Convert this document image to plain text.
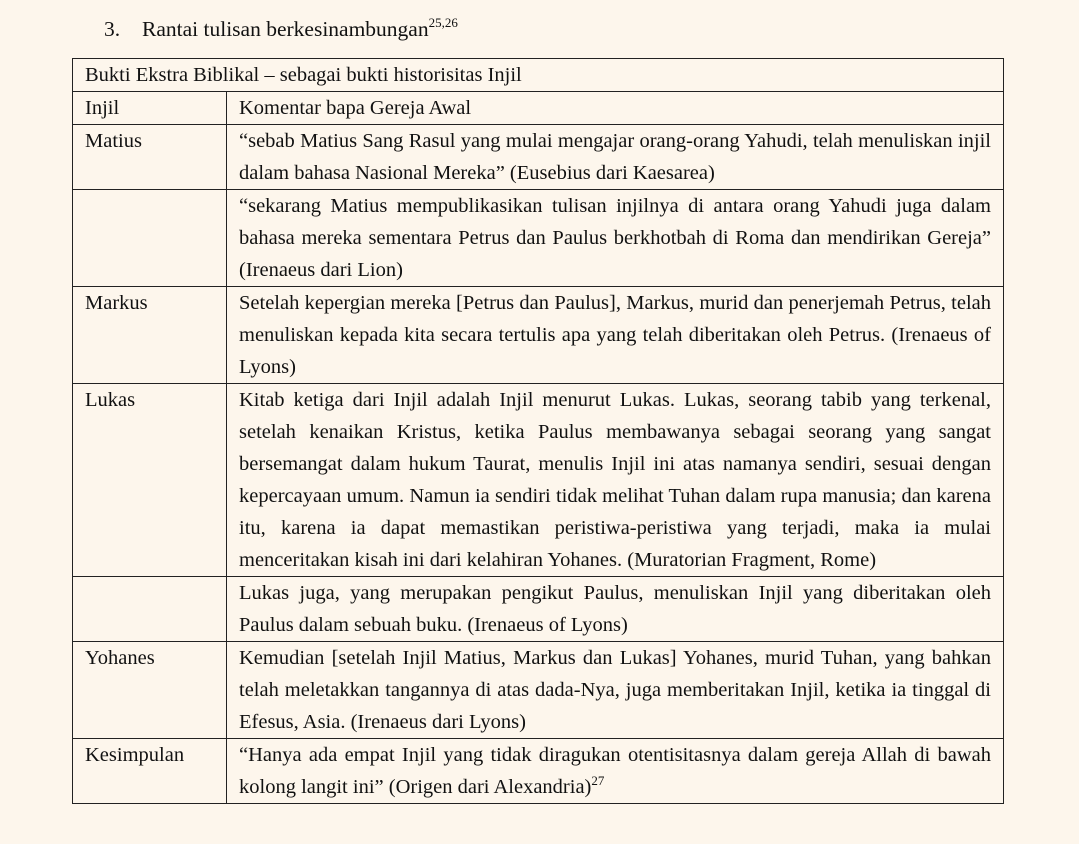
3. Rantai tulisan berkesinambungan$^{25,26}$
Bukti Ekstra Biblikal – sebagai bukti historisitas Injil	
Injil	Komentar bapa Gereja Awal
Matius	“sebab Matius Sang Rasul yang mulai mengajar orang-orang Yahudi, telah menuliskan injil dalam bahasa Nasional Mereka” (Eusebius dari Kaesarea)
	“sekarang Matius mempublikasikan tulisan injilnya di antara orang Yahudi juga dalam bahasa mereka sementara Petrus dan Paulus berkhotbah di Roma dan mendirikan Gereja” (Irenaeus dari Lion)
Markus	Setelah kepergian mereka [Petrus dan Paulus], Markus, murid dan penerjemah Petrus, telah menuliskan kepada kita secara tertulis apa yang telah diberitakan oleh Petrus. (Irenaeus of Lyons)
Lukas	Kitab ketiga dari Injil adalah Injil menurut Lukas. Lukas, seorang tabib yang terkenal, setelah kenaikan Kristus, ketika Paulus membawanya sebagai seorang yang sangat bersemangat dalam hukum Taurat, menulis Injil ini atas namanya sendiri, sesuai dengan kepercayaan umum. Namun ia sendiri tidak melihat Tuhan dalam rupa manusia; dan karena itu, karena ia dapat memastikan peristiwa-peristiwa yang terjadi, maka ia mulai menceritakan kisah ini dari kelahiran Yohanes. (Muratorian Fragment, Rome)
	Lukas juga, yang merupakan pengikut Paulus, menuliskan Injil yang diberitakan oleh Paulus dalam sebuah buku. (Irenaeus of Lyons)
Yohanes	Kemudian [setelah Injil Matius, Markus dan Lukas] Yohanes, murid Tuhan, yang bahkan telah meletakkan tangannya di atas dada-Nya, juga memberitakan Injil, ketika ia tinggal di Efesus, Asia. (Irenaeus dari Lyons)
Kesimpulan	“Hanya ada empat Injil yang tidak diragukan otentisitasnya dalam gereja Allah di bawah kolong langit ini” (Origen dari Alexandria)$^{27}$
